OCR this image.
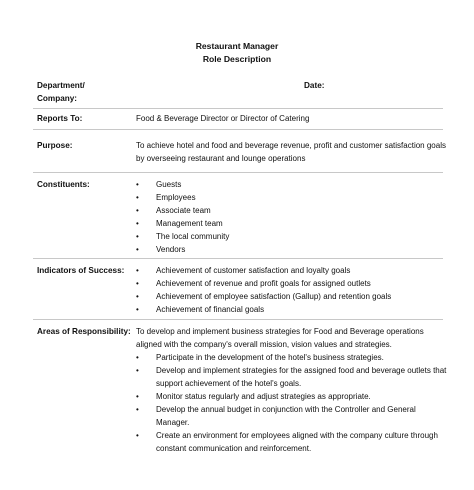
Restaurant Manager
Role Description
Department/
Company:
Date:
Reports To:	Food & Beverage Director or Director of Catering
Purpose:	To achieve hotel and food and beverage revenue, profit and customer satisfaction goals
by overseeing restaurant and lounge operations
Constituents:	• Guests
• Employees
• Associate team
• Management team
• The local community
• Vendors
Indicators of Success: • Achievement of customer satisfaction and loyalty goals
• Achievement of revenue and profit goals for assigned outlets
• Achievement of employee satisfaction (Gallup) and retention goals
• Achievement of financial goals
Areas of Responsibility: To develop and implement business strategies for Food and Beverage operations
aligned with the company's overall mission, vision values and strategies.
• Participate in the development of the hotel's business strategies.
• Develop and implement strategies for the assigned food and beverage outlets that
support achievement of the hotel's goals.
• Monitor status regularly and adjust strategies as appropriate.
• Develop the annual budget in conjunction with the Controller and General
Manager.
• Create an environment for employees aligned with the company culture through
constant communication and reinforcement.
